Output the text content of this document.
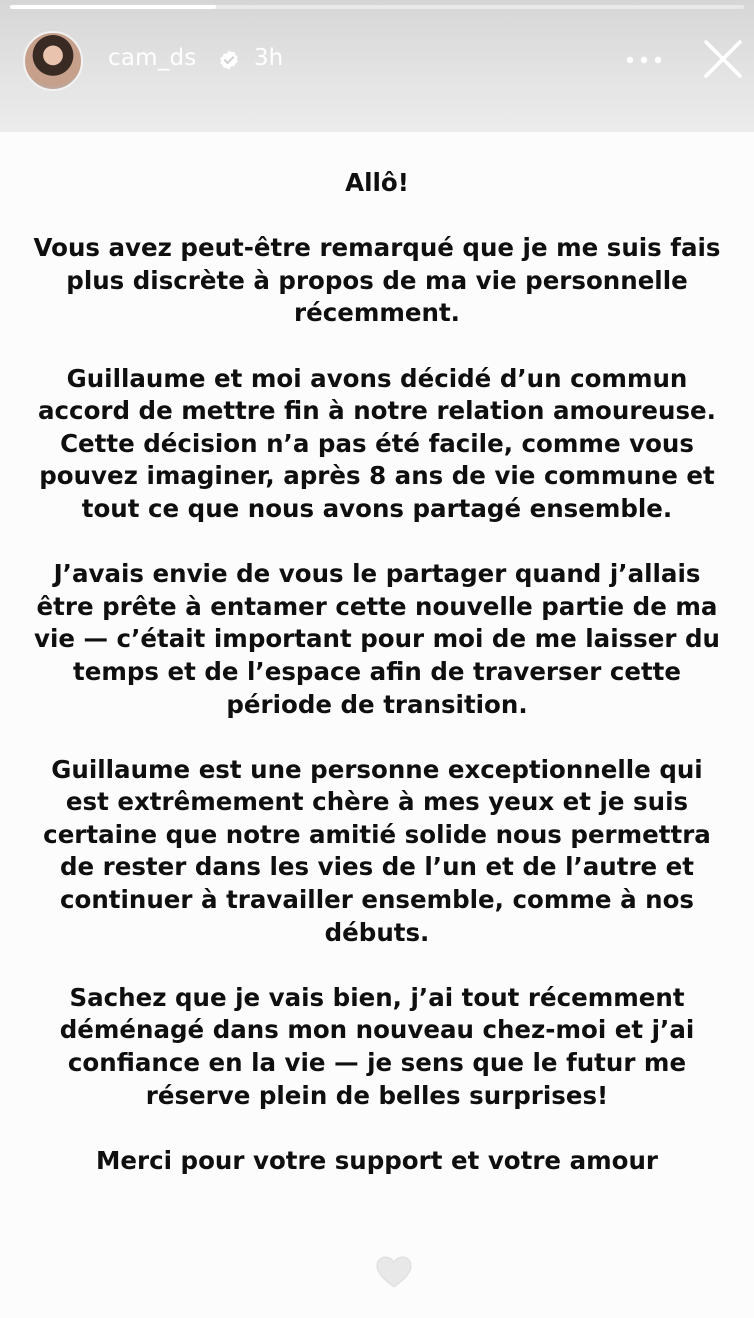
cam_ds	3h

Allô!

Vous avez peut-être remarqué que je me suis fais
plus discrète à propos de ma vie personnelle
récemment.

Guillaume et moi avons décidé d’un commun
accord de mettre fin à notre relation amoureuse.
Cette décision n’a pas été facile, comme vous
pouvez imaginer, après 8 ans de vie commune et
tout ce que nous avons partagé ensemble.

J’avais envie de vous le partager quand j’allais
être prête à entamer cette nouvelle partie de ma
vie — c’était important pour moi de me laisser du
temps et de l’espace afin de traverser cette
période de transition.

Guillaume est une personne exceptionnelle qui
est extrêmement chère à mes yeux et je suis
certaine que notre amitié solide nous permettra
de rester dans les vies de l’un et de l’autre et
continuer à travailler ensemble, comme à nos
débuts.

Sachez que je vais bien, j’ai tout récemment
déménagé dans mon nouveau chez-moi et j’ai
confiance en la vie — je sens que le futur me
réserve plein de belles surprises!

Merci pour votre support et votre amour
